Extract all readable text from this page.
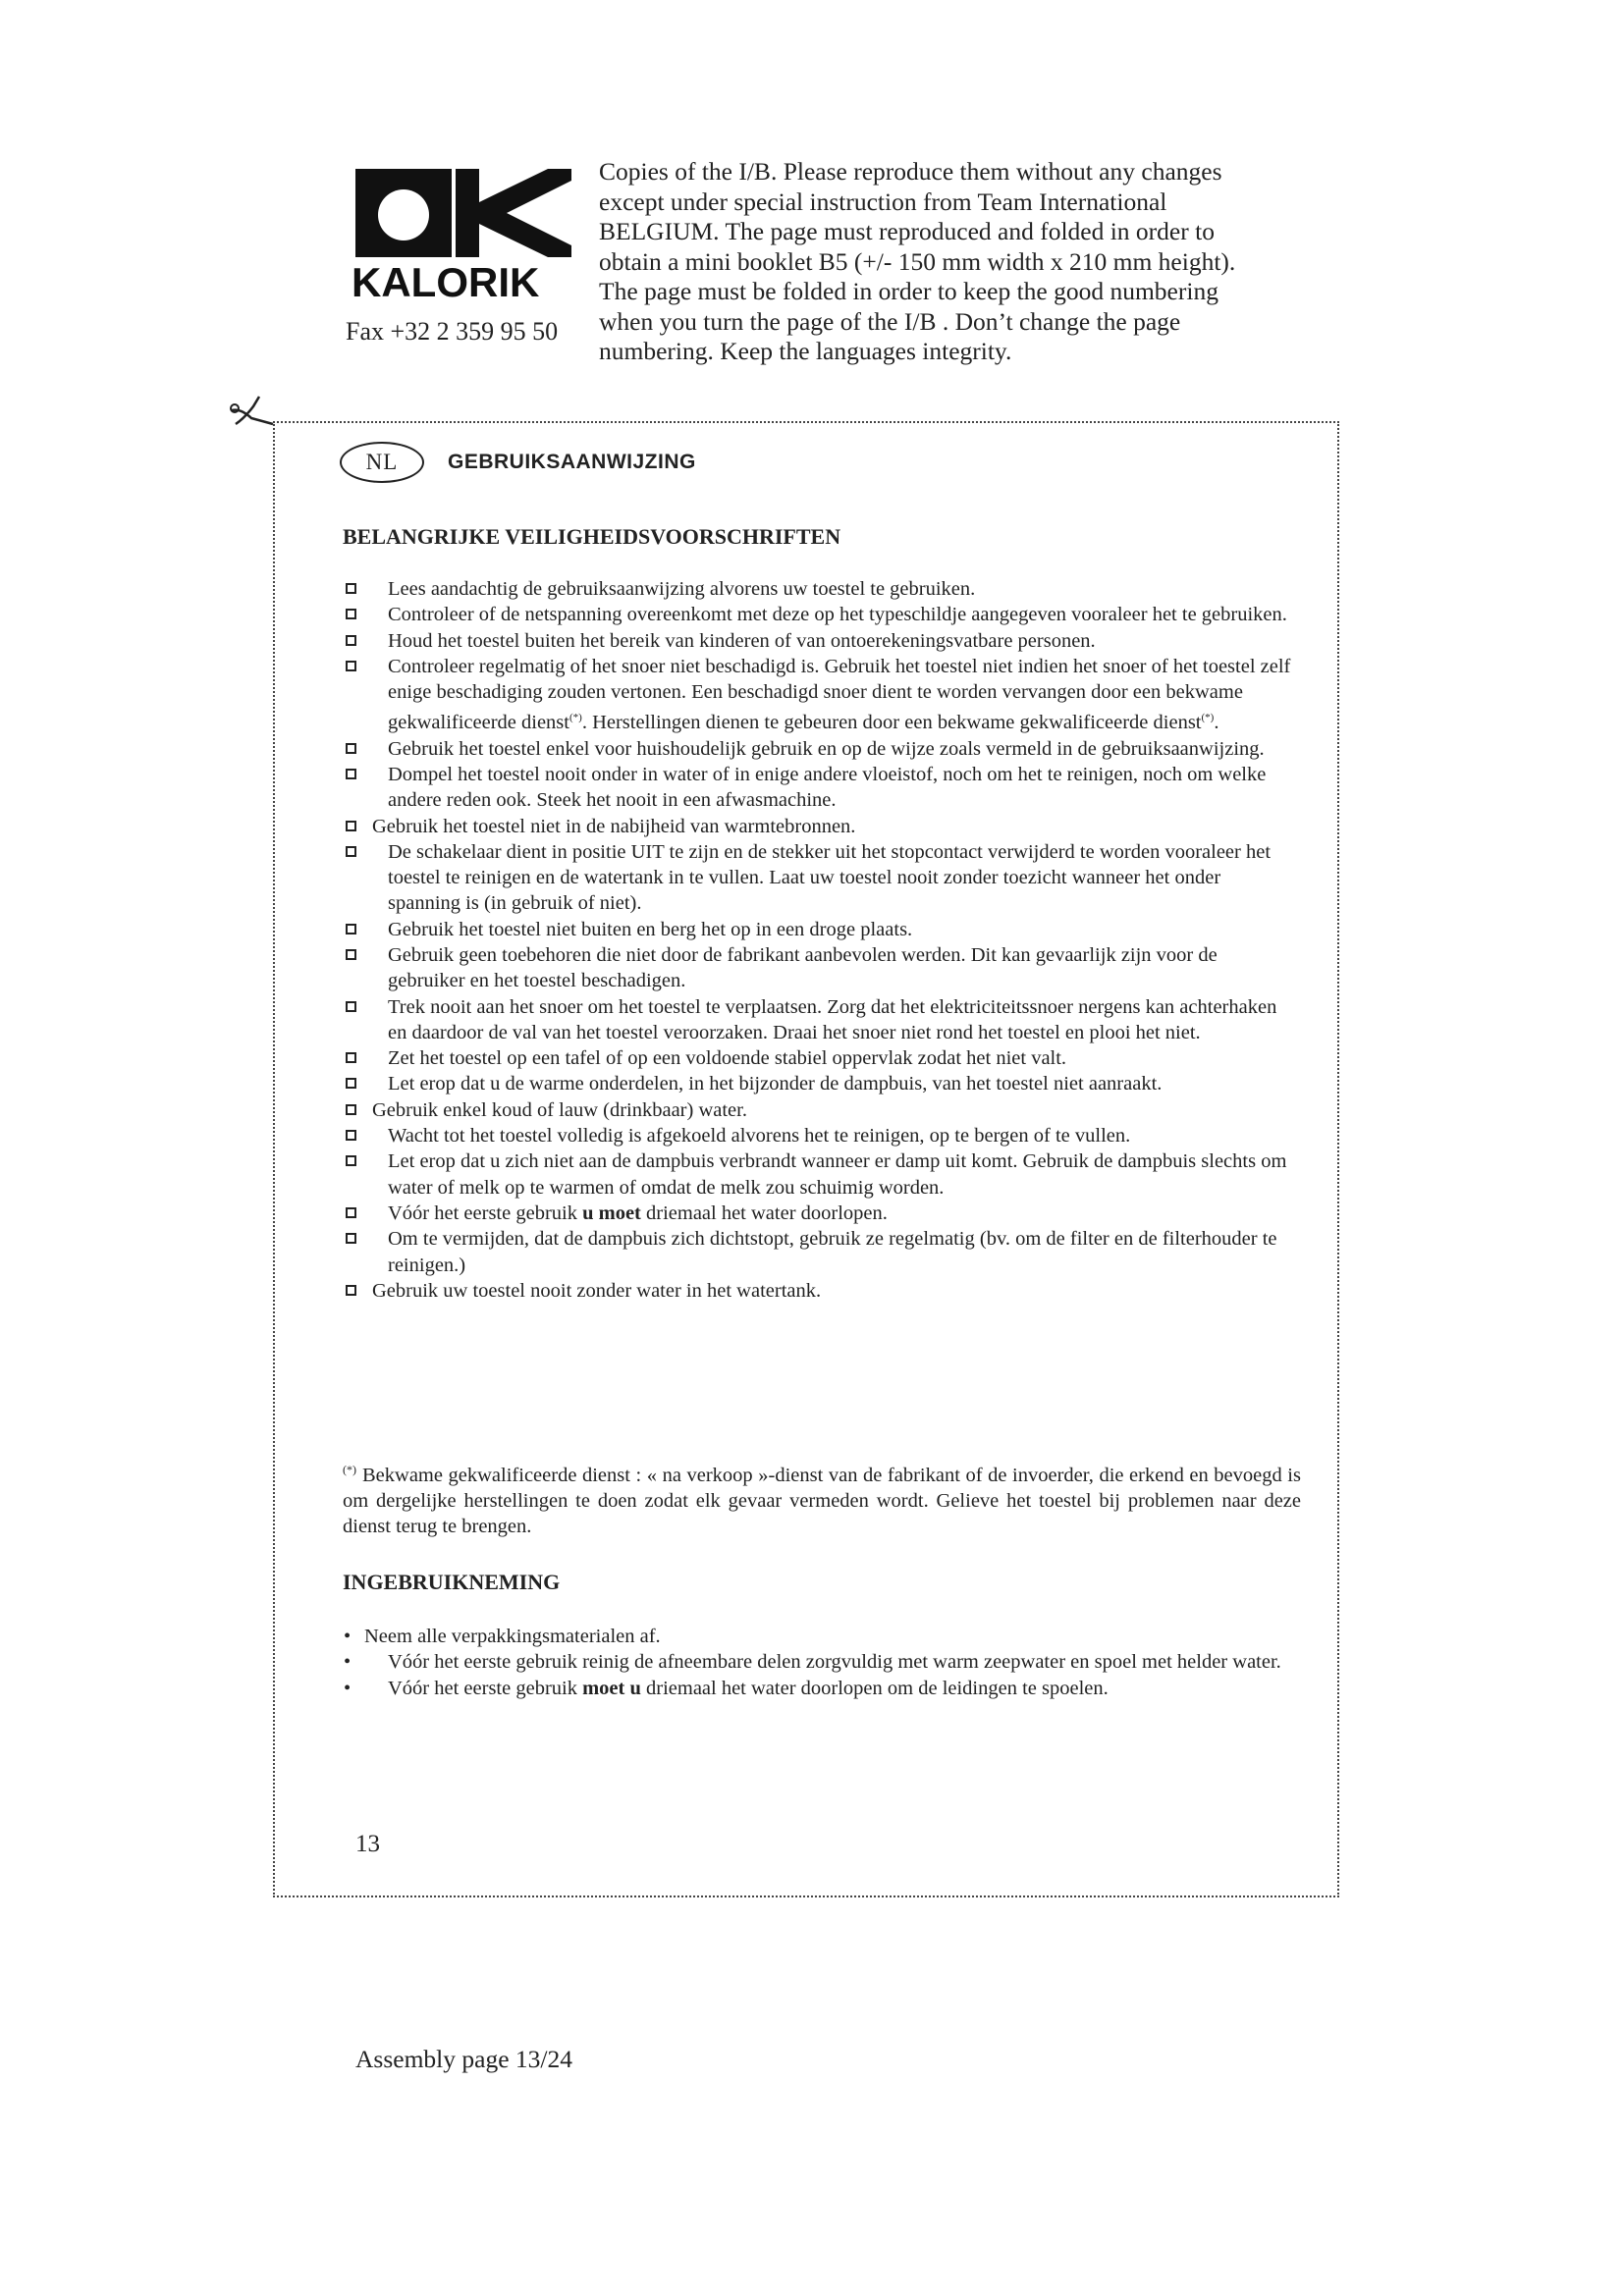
KALORIK
Fax +32 2 359 95 50

Copies of the I/B. Please reproduce them without any changes

except under special instruction from Team International

BELGIUM. The page must reproduced and folded in order to

obtain a mini booklet B5 (+/- 150 mm width x 210 mm height).

The page must be folded in order to keep the good numbering

when you turn the page of the I/B . Don’t change the page

numbering. Keep the languages integrity.

NL	GEBRUIKSAANWIJZING
BELANGRIJKE VEILIGHEIDSVOORSCHRIFTEN
Lees aandachtig de gebruiksaanwijzing alvorens uw toestel te gebruiken.
Controleer of de netspanning overeenkomt met deze op het typeschildje aangegeven vooraleer het te gebruiken.
Houd het toestel buiten het bereik van kinderen of van ontoerekeningsvatbare personen.
Controleer regelmatig of het snoer niet beschadigd is. Gebruik het toestel niet indien het snoer of het toestel zelf enige beschadiging zouden vertonen. Een beschadigd snoer dient te worden vervangen door een bekwame gekwalificeerde dienst(*). Herstellingen dienen te gebeuren door een bekwame gekwalificeerde dienst(*).
Gebruik het toestel enkel voor huishoudelijk gebruik en op de wijze zoals vermeld in de gebruiksaanwijzing.
Dompel het toestel nooit onder in water of in enige andere vloeistof, noch om het te reinigen, noch om welke andere reden ook. Steek het nooit in een afwasmachine.
Gebruik het toestel niet in de nabijheid van warmtebronnen.
De schakelaar dient in positie UIT te zijn en de stekker uit het stopcontact verwijderd te worden vooraleer het toestel te reinigen en de watertank in te vullen. Laat uw toestel nooit zonder toezicht wanneer het onder spanning is (in gebruik of niet).
Gebruik het toestel niet buiten en berg het op in een droge plaats.
Gebruik geen toebehoren die niet door de fabrikant aanbevolen werden. Dit kan gevaarlijk zijn voor de gebruiker en het toestel beschadigen.
Trek nooit aan het snoer om het toestel te verplaatsen. Zorg dat het elektriciteitssnoer nergens kan achterhaken en daardoor de val van het toestel veroorzaken. Draai het snoer niet rond het toestel en plooi het niet.
Zet het toestel op een tafel of op een voldoende stabiel oppervlak zodat het niet valt.
Let erop dat u de warme onderdelen, in het bijzonder de dampbuis, van het toestel niet aanraakt.
Gebruik enkel koud of lauw (drinkbaar) water.
Wacht tot het toestel volledig is afgekoeld alvorens het te reinigen, op te bergen of te vullen.
Let erop dat u zich niet aan de dampbuis verbrandt wanneer er damp uit komt. Gebruik de dampbuis slechts om water of melk op te warmen of omdat de melk zou schuimig worden.
Vóór het eerste gebruik u moet driemaal het water doorlopen.
Om te vermijden, dat de dampbuis zich dichtstopt, gebruik ze regelmatig (bv. om de filter en de filterhouder te reinigen.)
Gebruik uw toestel nooit zonder water in het watertank.

(*) Bekwame gekwalificeerde dienst : « na verkoop »-dienst van de fabrikant of de invoerder, die erkend en bevoegd is om dergelijke herstellingen te doen zodat elk gevaar vermeden wordt. Gelieve het toestel bij problemen naar deze dienst terug te brengen.

INGEBRUIKNEMING
• Neem alle verpakkingsmaterialen af.
• Vóór het eerste gebruik reinig de afneembare delen zorgvuldig met warm zeepwater en spoel met helder water.
• Vóór het eerste gebruik moet u driemaal het water doorlopen om de leidingen te spoelen.
13
Assembly page 13/24
